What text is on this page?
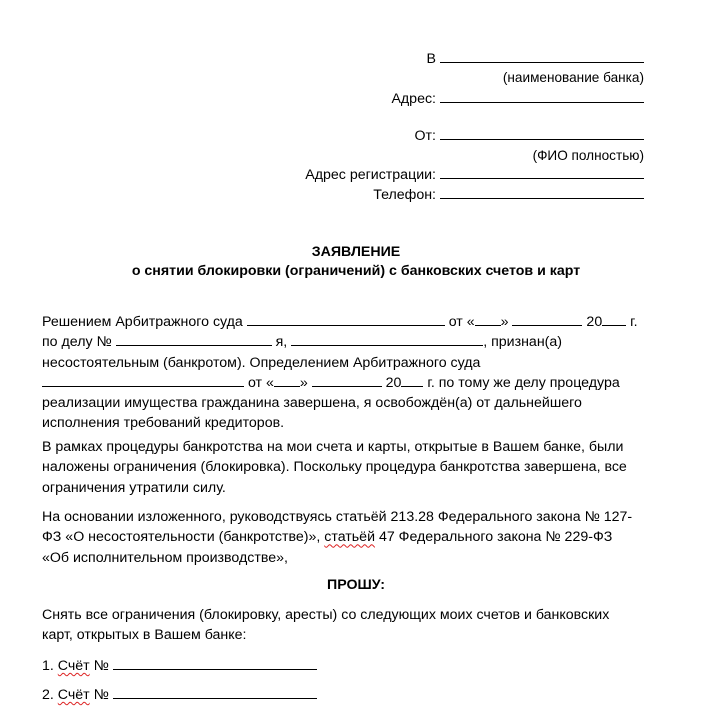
В
(наименование банка)
Адрес:
От:
(ФИО полностью)
Адрес регистрации:
Телефон:
ЗАЯВЛЕНИЕ
о снятии блокировки (ограничений) с банковских счетов и карт
Решением Арбитражного суда	от « »	20 г. по делу №	я,	, признан(а) несостоятельным (банкротом). Определением Арбитражного суда  от « »	20 г. по тому же делу процедура реализации имущества гражданина завершена, я освобождён(а) от дальнейшего исполнения требований кредиторов.
В рамках процедуры банкротства на мои счета и карты, открытые в Вашем банке, были наложены ограничения (блокировка). Поскольку процедура банкротства завершена, все ограничения утратили силу.
На основании изложенного, руководствуясь статьёй 213.28 Федерального закона № 127-ФЗ «О несостоятельности (банкротстве)», статьёй 47 Федерального закона № 229-ФЗ «Об исполнительном производстве»,
ПРОШУ:
Снять все ограничения (блокировку, аресты) со следующих моих счетов и банковских карт, открытых в Вашем банке:
1. Счёт №
2. Счёт №
